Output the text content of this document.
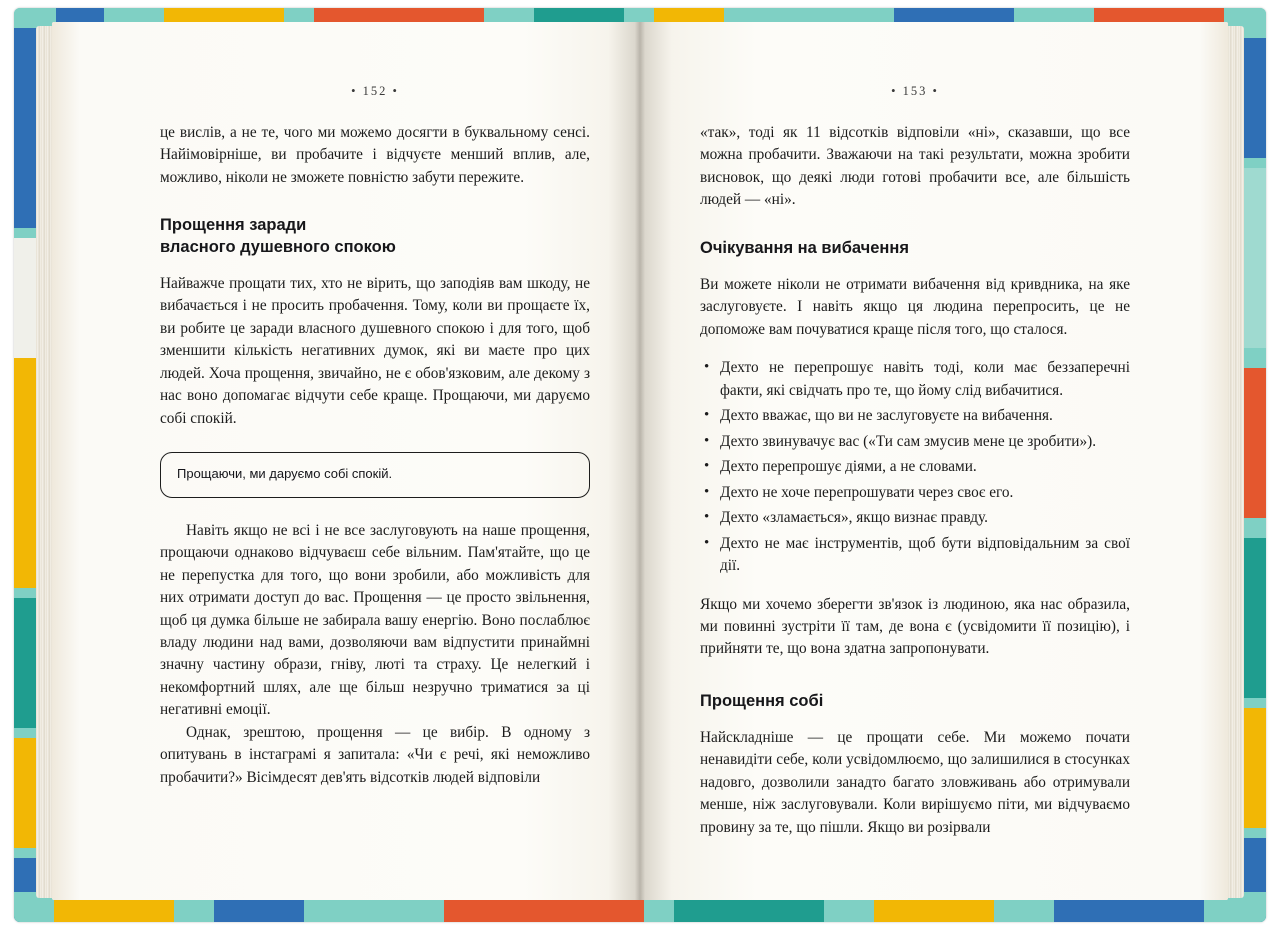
• 152 •

це вислів, а не те, чого ми можемо досягти в буквальному сенсі. Найімовірніше, ви пробачите і відчуєте менший вплив, але, можливо, ніколи не зможете повністю забути пережите.

Прощення заради
власного душевного спокою

Найважче прощати тих, хто не вірить, що заподіяв вам шкоду, не вибачається і не просить пробачення. Тому, коли ви прощаєте їх, ви робите це заради власного душевного спокою і для того, щоб зменшити кількість негативних думок, які ви маєте про цих людей. Хоча прощення, звичайно, не є обов'язковим, але декому з нас воно допомагає відчути себе краще. Прощаючи, ми даруємо собі спокій.

Прощаючи, ми даруємо собі спокій.

Навіть якщо не всі і не все заслуговують на наше прощення, прощаючи однаково відчуваєш себе вільним. Пам'ятайте, що це не перепустка для того, що вони зробили, або можливість для них отримати доступ до вас. Прощення — це просто звільнення, щоб ця думка більше не забирала вашу енергію. Воно послаблює владу людини над вами, дозволяючи вам відпустити принаймні значну частину образи, гніву, люті та страху. Це нелегкий і некомфортний шлях, але ще більш незручно триматися за ці негативні емоції.

Однак, зрештою, прощення — це вибір. В одному з опитувань в інстаграмі я запитала: «Чи є речі, які неможливо пробачити?» Вісімдесят дев'ять відсотків людей відповіли

• 153 •

«так», тоді як 11 відсотків відповіли «ні», сказавши, що все можна пробачити. Зважаючи на такі результати, можна зробити висновок, що деякі люди готові пробачити все, але більшість людей — «ні».

Очікування на вибачення

Ви можете ніколи не отримати вибачення від кривдника, на яке заслуговуєте. І навіть якщо ця людина перепросить, це не допоможе вам почуватися краще після того, що сталося.

• Дехто не перепрошує навіть тоді, коли має беззаперечні факти, які свідчать про те, що йому слід вибачитися.
• Дехто вважає, що ви не заслуговуєте на вибачення.
• Дехто звинувачує вас («Ти сам змусив мене це зробити»).
• Дехто перепрошує діями, а не словами.
• Дехто не хоче перепрошувати через своє его.
• Дехто «зламається», якщо визнає правду.
• Дехто не має інструментів, щоб бути відповідальним за свої дії.

Якщо ми хочемо зберегти зв'язок із людиною, яка нас образила, ми повинні зустріти її там, де вона є (усвідомити її позицію), і прийняти те, що вона здатна запропонувати.

Прощення собі

Найскладніше — це прощати себе. Ми можемо почати ненавидіти себе, коли усвідомлюємо, що залишилися в стосунках надовго, дозволили занадто багато зловживань або отримували менше, ніж заслуговували. Коли вирішуємо піти, ми відчуваємо провину за те, що пішли. Якщо ви розірвали
